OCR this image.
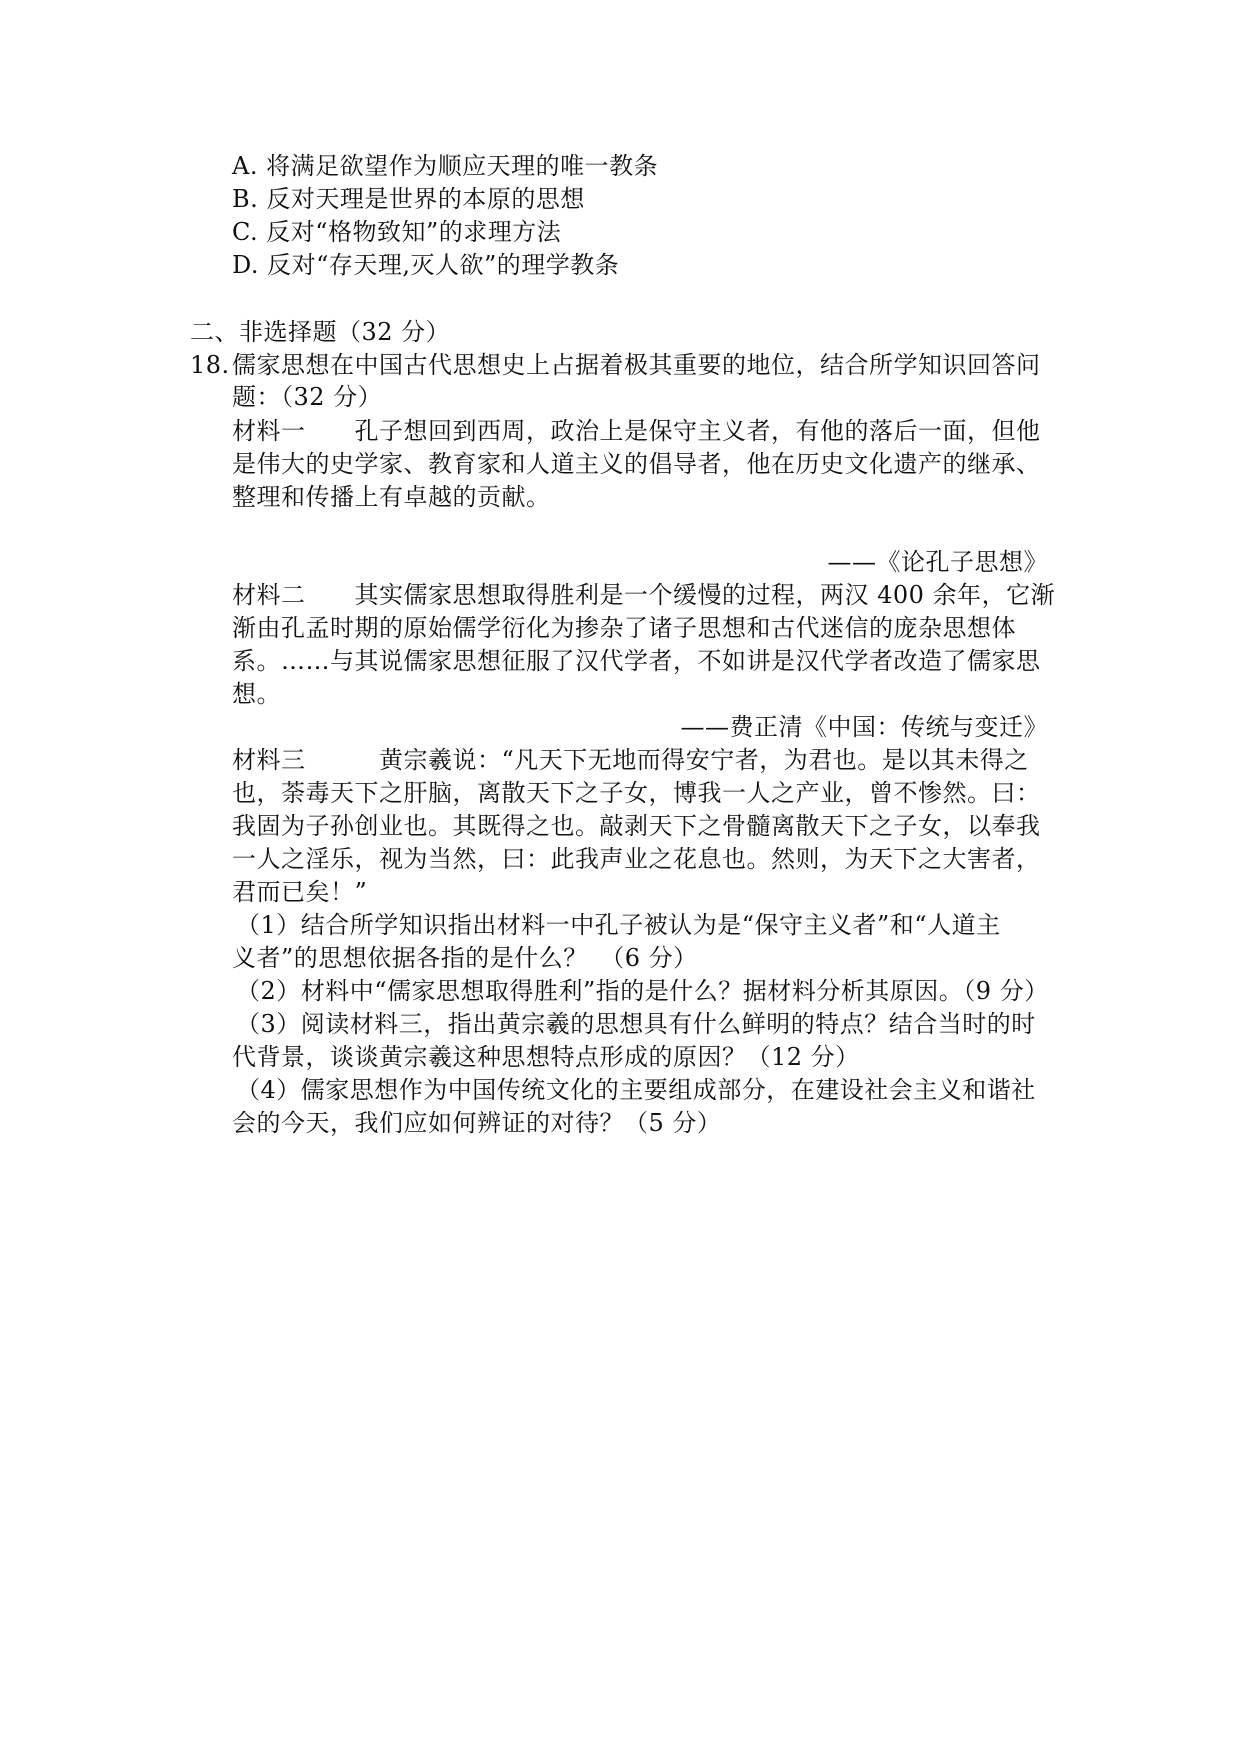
A. 将满足欲望作为顺应天理的唯一教条
B. 反对天理是世界的本原的思想
C. 反对“格物致知”的求理方法
D. 反对“存天理,灭人欲”的理学教条
二、非选择题（32 分）
18. 儒家思想在中国古代思想史上占据着极其重要的地位，结合所学知识回答问
题：（32 分）
材料一　　孔子想回到西周，政治上是保守主义者，有他的落后一面，但他
是伟大的史学家、教育家和人道主义的倡导者，他在历史文化遗产的继承、
整理和传播上有卓越的贡献。
——《论孔子思想》
材料二　　其实儒家思想取得胜利是一个缓慢的过程，两汉 400 余年，它渐
渐由孔孟时期的原始儒学衍化为掺杂了诸子思想和古代迷信的庞杂思想体
系。……与其说儒家思想征服了汉代学者，不如讲是汉代学者改造了儒家思
想。
——费正清《中国：传统与变迁》
材料三　　　黄宗羲说：“凡天下无地而得安宁者，为君也。是以其未得之
也，荼毒天下之肝脑，离散天下之子女，博我一人之产业，曾不惨然。曰：
我固为子孙创业也。其既得之也。敲剥天下之骨髓离散天下之子女，以奉我
一人之淫乐，视为当然，曰：此我声业之花息也。然则，为天下之大害者，
君而已矣！”
（1）结合所学知识指出材料一中孔子被认为是“保守主义者”和“人道主
义者”的思想依据各指的是什么？　（6 分）
（2）材料中“儒家思想取得胜利”指的是什么？据材料分析其原因。（9 分）
（3）阅读材料三，指出黄宗羲的思想具有什么鲜明的特点？结合当时的时
代背景，谈谈黄宗羲这种思想特点形成的原因？（12 分）
（4）儒家思想作为中国传统文化的主要组成部分，在建设社会主义和谐社
会的今天，我们应如何辨证的对待？（5 分）
